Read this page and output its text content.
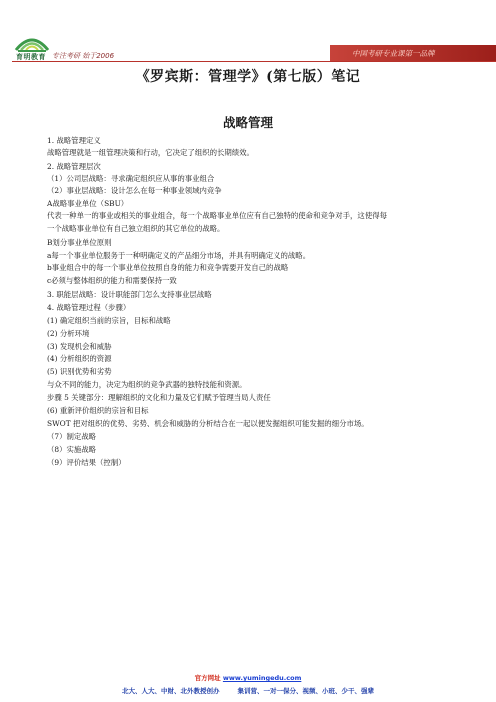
育明教育 专注考研 始于2006	中国考研专业课第一品牌
《罗宾斯：管理学》(第七版）笔记
战略管理

1. 战略管理定义

战略管理就是一组管理决策和行动，它决定了组织的长期绩效。

2. 战略管理层次

（1）公司层战略：寻求确定组织应从事的事业组合

（2）事业层战略：设计怎么在每一种事业领域内竞争

A战略事业单位（SBU）

代表一种单一的事业或相关的事业组合，每一个战略事业单位应有自己独特的使命和竞争对手，这使得每

一个战略事业单位有自己独立组织的其它单位的战略。

B划分事业单位原则

a每一个事业单位服务于一种明确定义的产品细分市场，并具有明确定义的战略。

b事业组合中的每一个事业单位按照自身的能力和竞争需要开发自己的战略

c必须与整体组织的能力和需要保持一致

3. 职能层战略：设计职能部门怎么支持事业层战略

4. 战略管理过程（步骤）

(1) 确定组织当前的宗旨，目标和战略

(2) 分析环境

(3) 发现机会和威胁

(4) 分析组织的资源

(5) 识别优势和劣势

与众不同的能力，决定为组织的竞争武器的独特技能和资源。

步骤 5 关键部分：理解组织的文化和力量及它们赋予管理当局人责任

(6) 重新评价组织的宗旨和目标

SWOT 把对组织的优势、劣势、机会和威胁的分析结合在一起以便发掘组织可能发掘的细分市场。

（7）制定战略

（8）实施战略

（9）评价结果（控制）

官方网址 www.yumingedu.com
北大、人大、中财、北外教授创办	集训营、一对一保分、视频、小班、少干、强辈
